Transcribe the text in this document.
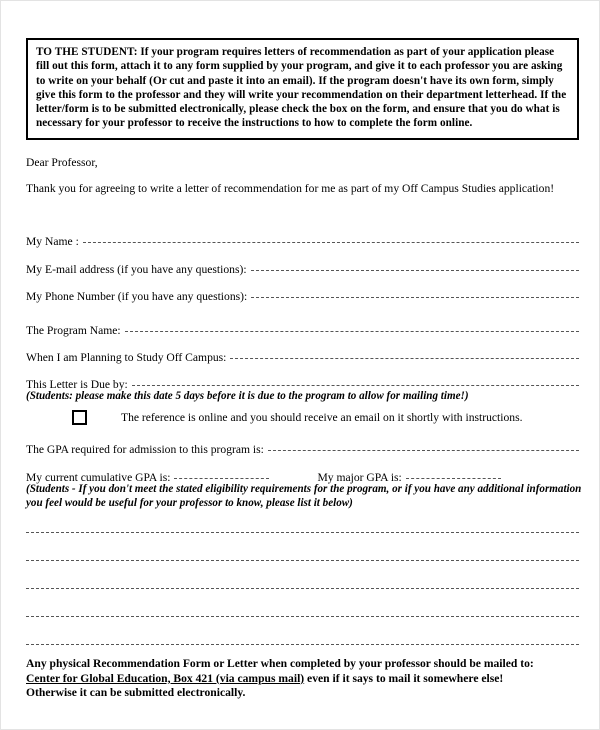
TO THE STUDENT: If your program requires letters of recommendation as part of your application please fill out this form, attach it to any form supplied by your program, and give it to each professor you are asking to write on your behalf (Or cut and paste it into an email). If the program doesn't have its own form, simply give this form to the professor and they will write your recommendation on their department letterhead. If the letter/form is to be submitted electronically, please check the box on the form, and ensure that you do what is necessary for your professor to receive the instructions to how to complete the form online.
Dear Professor,
Thank you for agreeing to write a letter of recommendation for me as part of my Off Campus Studies application!
My Name :
My E-mail address (if you have any questions):
My Phone Number (if you have any questions):
The Program Name:
When I am Planning to Study Off Campus:
This Letter is Due by:
(Students: please make this date 5 days before it is due to the program to allow for mailing time!)
The reference is online and you should receive an email on it shortly with instructions.
The GPA required for admission to this program is:
My current cumulative GPA is:	My major GPA is:
(Students - If you don't meet the stated eligibility requirements for the program, or if you have any additional information you feel would be useful for your professor to know, please list it below)
Any physical Recommendation Form or Letter when completed by your professor should be mailed to:
Center for Global Education, Box 421 (via campus mail) even if it says to mail it somewhere else!
Otherwise it can be submitted electronically.
